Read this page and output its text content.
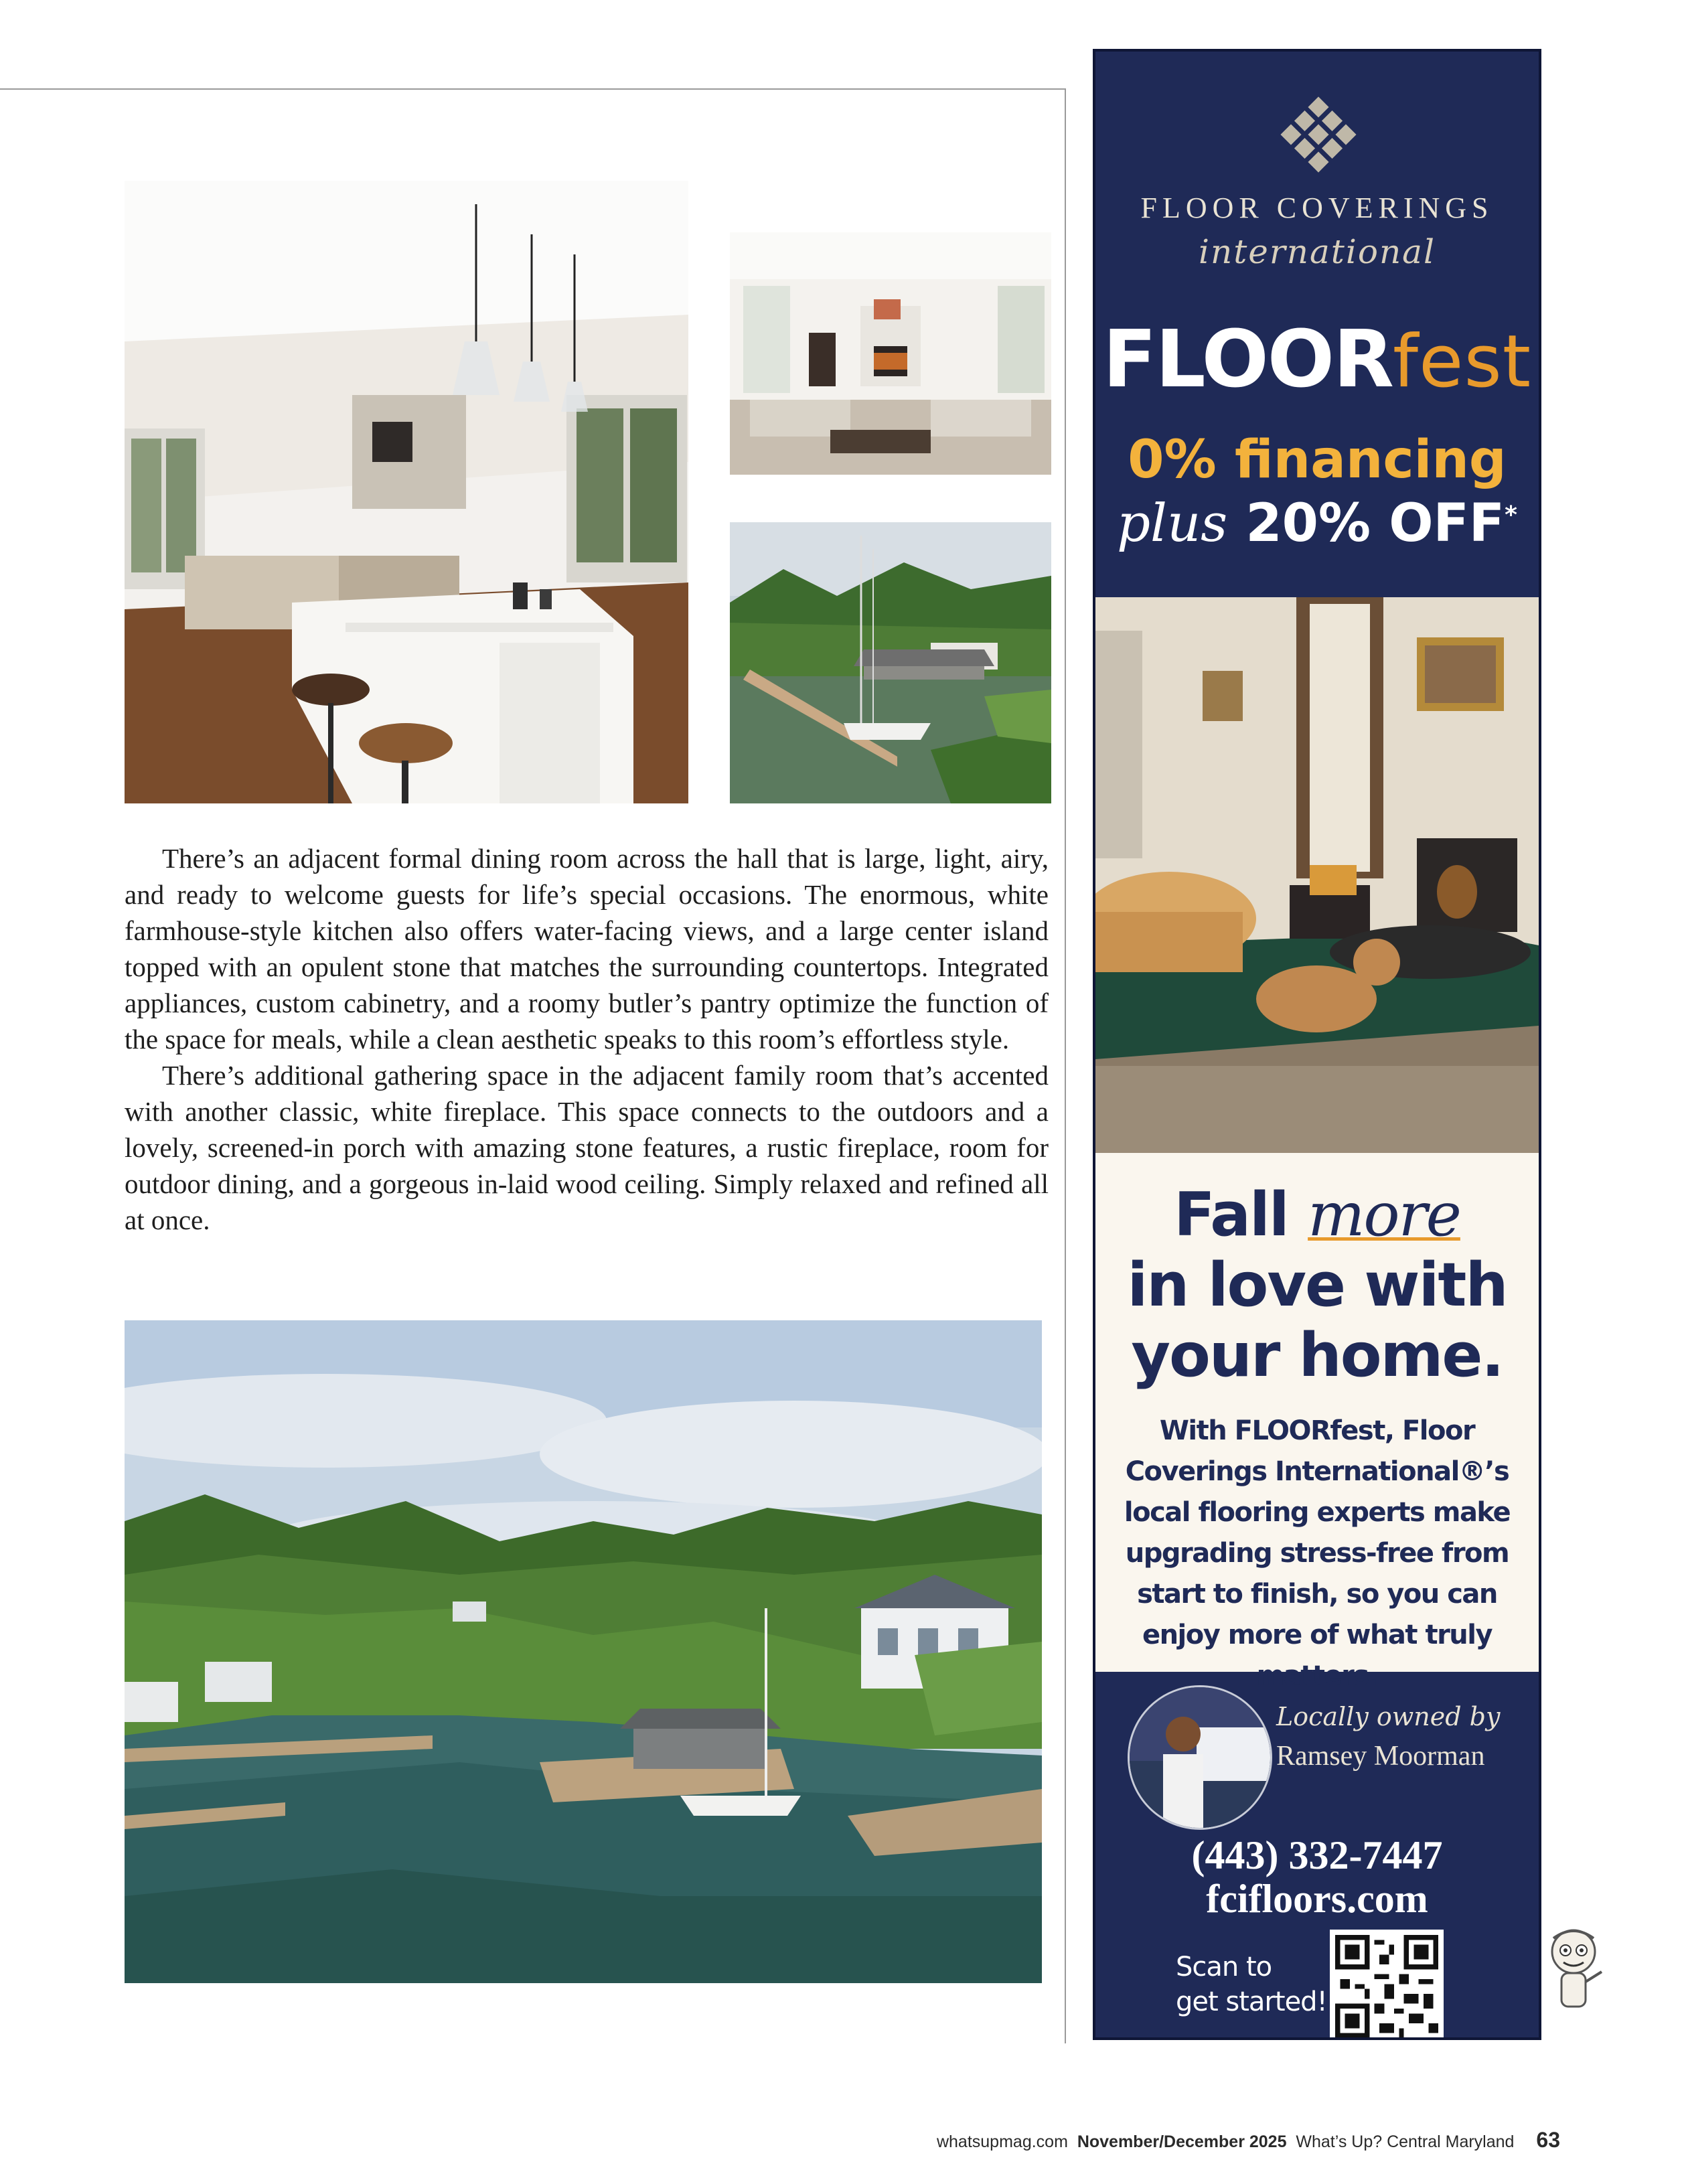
There’s an adjacent formal dining room across the hall that is large, light, airy, and ready to welcome guests for life’s special occasions. The enormous, white farmhouse-style kitchen also offers water-facing views, and a large center island topped with an opulent stone that matches the surrounding countertops. Integrated appliances, custom cabinetry, and a roomy butler’s pantry optimize the function of the space for meals, while a clean aesthetic speaks to this room’s effortless style.

There’s additional gathering space in the adjacent family room that’s accented with another classic, white fireplace. This space connects to the outdoors and a lovely, screened-in porch with amazing stone features, a rustic fireplace, room for outdoor dining, and a gorgeous in-laid wood ceiling. Simply relaxed and refined all at once.

FLOOR COVERINGS
international
FLOORfest
0% financing
plus 20% OFF*
Fall more
in love with
your home.
With FLOORfest, Floor Coverings International®’s local flooring experts make upgrading stress-free from start to finish, so you can enjoy more of what truly matters.
Locally owned by
Ramsey Moorman
(443) 332-7447
fcifloors.com
Scan to
get started!
whatsupmag.com November/December 2025 What’s Up? Central Maryland 63
